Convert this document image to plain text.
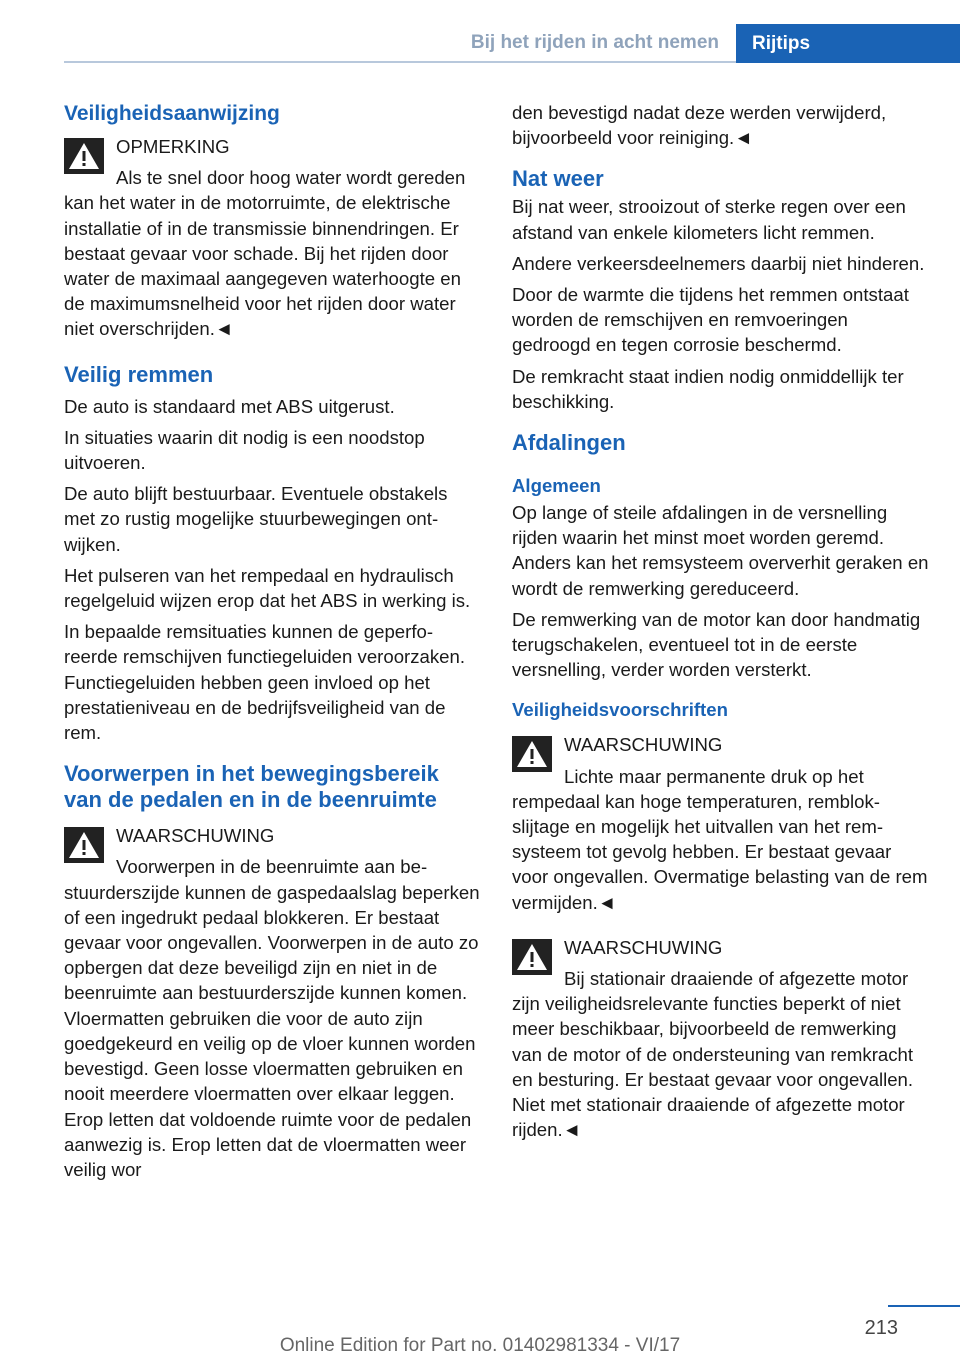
Bij het rijden in acht nemen	Rijtips
Veiligheidsaanwijzing
OPMERKING

Als te snel door hoog water wordt gereden kan het water in de motorruimte, de elektrische installatie of in de transmissie binnendringen. Er bestaat gevaar voor schade. Bij het rijden door water de maximaal aangegeven waterhoogte en de maximumsnelheid voor het rijden door water niet overschrijden.◄

Veilig remmen

De auto is standaard met ABS uitgerust.

In situaties waarin dit nodig is een noodstop uitvoeren.

De auto blijft bestuurbaar. Eventuele obstakels met zo rustig mogelijke stuurbewegingen ontwijken.

Het pulseren van het rempedaal en hydraulisch regelgeluid wijzen erop dat het ABS in werking is.

In bepaalde remsituaties kunnen de geperforeerde remschijven functiegeluiden veroorzaken. Functiegeluiden hebben geen invloed op het prestatieniveau en de bedrijfsveiligheid van de rem.

Voorwerpen in het bewegingsbereik van de pedalen en in de beenruimte
WAARSCHUWING

Voorwerpen in de beenruimte aan bestuurderszijde kunnen de gaspedaalslag beperken of een ingedrukt pedaal blokkeren. Er bestaat gevaar voor ongevallen. Voorwerpen in de auto zo opbergen dat deze beveiligd zijn en niet in de beenruimte aan bestuurderszijde kunnen komen. Vloermatten gebruiken die voor de auto zijn goedgekeurd en veilig op de vloer kunnen worden bevestigd. Geen losse vloermatten gebruiken en nooit meerdere vloermatten over elkaar leggen. Erop letten dat voldoende ruimte voor de pedalen aanwezig is. Erop letten dat de vloermatten weer veilig wor

den bevestigd nadat deze werden verwijderd, bijvoorbeeld voor reiniging.◄

Nat weer

Bij nat weer, strooizout of sterke regen over een afstand van enkele kilometers licht remmen.

Andere verkeersdeelnemers daarbij niet hinderen.

Door de warmte die tijdens het remmen ontstaat worden de remschijven en remvoeringen gedroogd en tegen corrosie beschermd.

De remkracht staat indien nodig onmiddellijk ter beschikking.

Afdalingen
Algemeen

Op lange of steile afdalingen in de versnelling rijden waarin het minst moet worden geremd. Anders kan het remsysteem oververhit geraken en wordt de remwerking gereduceerd.

De remwerking van de motor kan door handmatig terugschakelen, eventueel tot in de eerste versnelling, verder worden versterkt.

Veiligheidsvoorschriften
WAARSCHUWING

Lichte maar permanente druk op het rempedaal kan hoge temperaturen, remblokslijtage en mogelijk het uitvallen van het remsysteem tot gevolg hebben. Er bestaat gevaar voor ongevallen. Overmatige belasting van de rem vermijden.◄

WAARSCHUWING

Bij stationair draaiende of afgezette motor zijn veiligheidsrelevante functies beperkt of niet meer beschikbaar, bijvoorbeeld de remwerking van de motor of de ondersteuning van remkracht en besturing. Er bestaat gevaar voor ongevallen. Niet met stationair draaiende of afgezette motor rijden.◄

213
Online Edition for Part no. 01402981334 - VI/17
